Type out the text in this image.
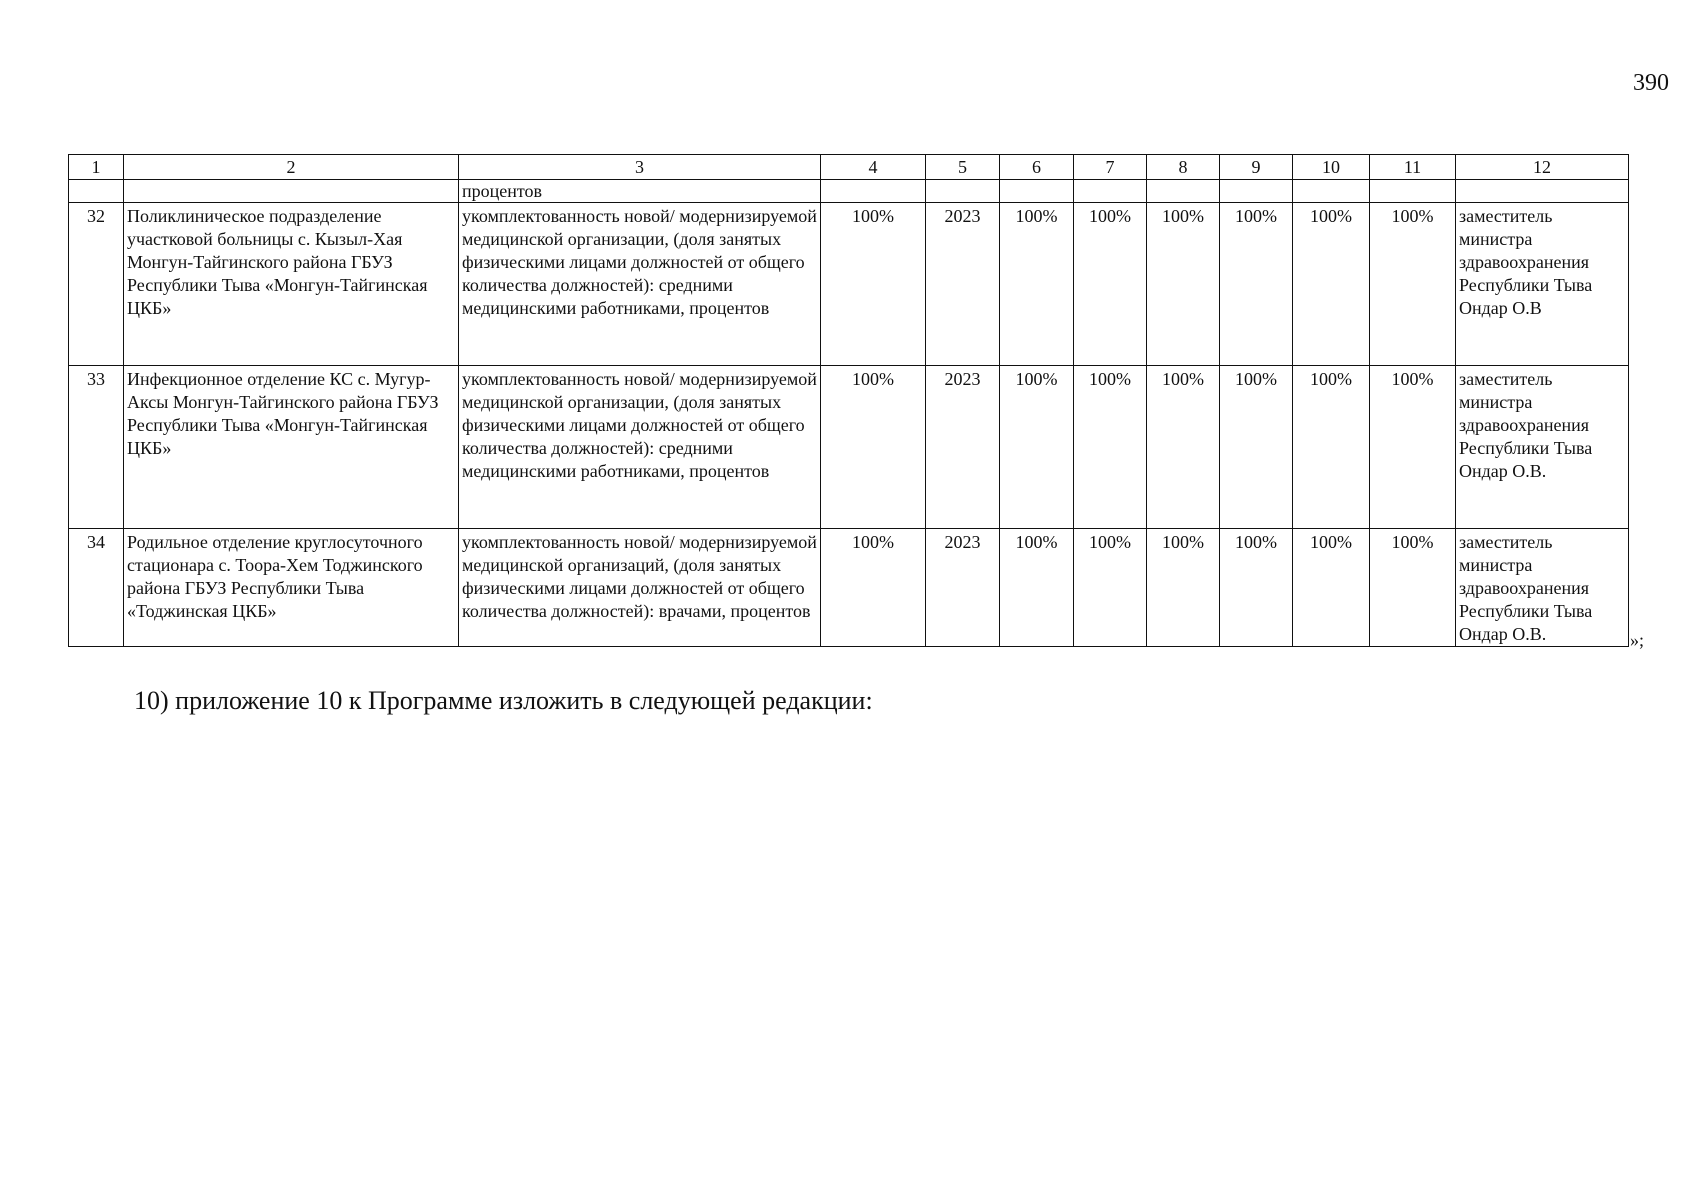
390
1	2	3	4	5	6	7	8	9	10	11	12
		процентов									
32	Поликлиническое подразделение участковой больницы с. Кызыл-Хая Монгун-Тайгинского района ГБУЗ Республики Тыва «Монгун-Тайгинская ЦКБ»	укомплектованность новой/ модернизируемой медицинской организации, (доля занятых физическими лицами должностей от общего количества должностей): средними медицинскими работниками, процентов	100%	2023	100%	100%	100%	100%	100%	100%	заместитель министра здравоохранения Республики Тыва Ондар О.В
33	Инфекционное отделение КС с. Мугур-Аксы Монгун-Тайгинского района ГБУЗ Республики Тыва «Монгун-Тайгинская ЦКБ»	укомплектованность новой/ модернизируемой медицинской организации, (доля занятых физическими лицами должностей от общего количества должностей): средними медицинскими работниками, процентов	100%	2023	100%	100%	100%	100%	100%	100%	заместитель министра здравоохранения Республики Тыва Ондар О.В.
34	Родильное отделение круглосуточного стационара с. Тоора-Хем Тоджинского района ГБУЗ Республики Тыва «Тоджинская ЦКБ»	укомплектованность новой/ модернизируемой медицинской организаций, (доля занятых физическими лицами должностей от общего количества должностей): врачами, процентов	100%	2023	100%	100%	100%	100%	100%	100%	заместитель министра здравоохранения Республики Тыва Ондар О.В.	»;
10) приложение 10 к Программе изложить в следующей редакции:
